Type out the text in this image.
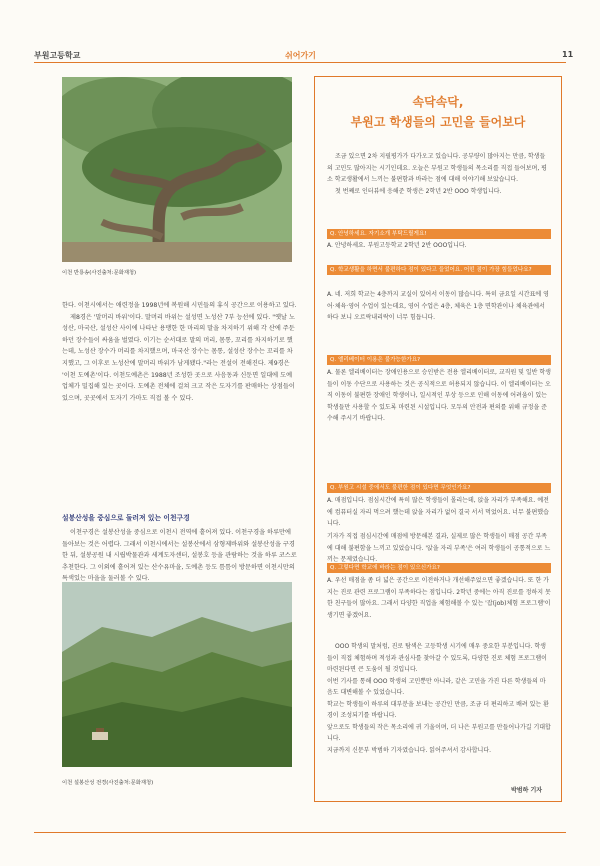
부원고등학교	쉬어가기	11
이천 반룡송(사진출처:문화재청)

한다. 이천시에서는 애련정을 1998년에 복원해 시민들의 휴식 공간으로 이용하고 있다.

제8경은 '말머리 바위'이다. 말머리 바위는 설성면 노성산 7부 능선에 있다. "옛날 노성산, 마국산, 설성산 사이에 나타난 용맹한 한 마리의 말을 차지하기 위해 각 산에 주둔하던 장수들이 싸움을 벌였다. 이기는 순서대로 말의 머리, 몸통, 꼬리를 차지하기로 했는데, 노성산 장수가 머리를 차지했으며, 마국산 장수는 몸통, 설성산 장수는 꼬리를 차지했고, 그 이후로 노성산에 말머리 바위가 남게됐다."라는 전설이 전해진다. 제9경은 '이천 도예촌'이다. 이천도예촌은 1988년 조성한 곳으로 사음동과 신둔면 일대에 도예업체가 밀집해 있는 곳이다. 도예촌 전체에 걸쳐 크고 작은 도자기를 판매하는 상점들이 있으며, 곳곳에서 도자기 가마도 직접 볼 수 있다.

설봉산성을 중심으로 둘러져 있는 이천구경

이천구경은 설봉산성을 중심으로 이천시 전역에 흩어져 있다. 이천구경을 하루만에 돌아보는 것은 어렵다. 그래서 이천시에서는 설봉산에서 삼형제바위와 설봉산성을 구경한 뒤, 설봉공원 내 시립박물관과 세계도자센터, 설봉호 등을 관람하는 것을 하루 코스로 추천한다. 그 이외에 흩어져 있는 산수유마을, 도예촌 등도 틈틈이 방문하면 이천시만의 특색있는 마을을 둘러볼 수 있다.

이천 설봉산성 전경(사진출처:문화재청)
속닥속닥,
부원고 학생들의 고민을 들어보다

조금 있으면 2차 지필평가가 다가오고 있습니다. 공부량이 많아지는 만큼, 학생들의 고민도 많아지는 시기인데요. 오늘은 부원고 학생들의 목소리를 직접 들어보며, 평소 학교생활에서 느끼는 불편함과 바라는 점에 대해 이야기해 보았습니다.

첫 번째로 인터뷰에 응해준 학생은 2학년 2반 OOO 학생입니다.

Q. 안녕하세요. 자기소개 부탁드릴게요!
A. 안녕하세요. 부원고등학교 2학년 2반 OOO입니다.
Q. 학교생활을 하면서 불편하다 점이 있다고 들었어요. 어떤 점이 가장 힘들었나요?
A. 네. 저희 학교는 4층까지 교실이 있어서 이동이 많습니다. 특히 금요일 시간표에 영어·체육·영어 수업이 있는데요, 영어 수업은 4층, 체육은 1층 면학관이나 체육관에서 하다 보니 오르락내리락이 너무 힘듭니다.
Q. 엘리베이터 이용은 불가능한가요?
A. 물론 엘리베이터는 장애인용으로 승인받은 전용 엘리베이터로, 교직원 및 일반 학생들이 이동 수단으로 사용하는 것은 공식적으로 허용되지 않습니다. 이 엘리베이터는 오직 이동이 불편한 장애인 학생이나, 일시적인 부상 등으로 인해 이동에 어려움이 있는 학생들만 사용할 수 있도록 마련된 시설입니다. 모두의 안전과 편의를 위해 규정을 준수해 주시기 바랍니다.
Q. 부원고 시설 중에서도 불편한 점이 있다면 무엇인가요?
A. 매점입니다. 점심시간에 특히 많은 학생들이 몰리는데, 앉을 자리가 부족해요. 예전에 컴퓨터실 자리 먹으려 했는데 앉을 자리가 없어 결국 서서 먹었어요. 너무 불편했습니다.
기자가 직접 점심시간에 매점에 방문해본 결과, 실제로 많은 학생들이 매점 공간 부족에 대해 불편함을 느끼고 있었습니다. '앉을 자리 부족'은 여러 학생들이 공통적으로 느끼는 문제였습니다.
Q. 그렇다면 학교에 바라는 점이 있으신가요?
A. 우선 매점을 좀 더 넓은 공간으로 이전하거나 개선해주었으면 좋겠습니다. 또 한 가지는 진로 관련 프로그램이 부족하다는 점입니다. 2학년 중에는 아직 진로를 정하지 못한 친구들이 많아요. 그래서 다양한 직업을 체험해볼 수 있는 '잡(job)체험 프로그램'이 생기면 좋겠어요.

OOO 학생의 말처럼, 진로 탐색은 고등학생 시기에 매우 중요한 부분입니다. 학생들이 직접 체험하며 적성과 관심사를 찾아갈 수 있도록, 다양한 진로 체험 프로그램이 마련된다면 큰 도움이 될 것입니다.

이번 기사를 통해 OOO 학생의 고민뿐만 아니라, 같은 고민을 가진 다른 학생들의 마음도 대변해볼 수 있었습니다.

학교는 학생들이 하루의 대부분을 보내는 공간인 만큼, 조금 더 편리하고 배려 있는 환경이 조성되기를 바랍니다.

앞으로도 학생들의 작은 목소리에 귀 기울이며, 더 나은 부원고를 만들어나가길 기대합니다.

지금까지 신문부 박범하 기자였습니다. 읽어주셔서 감사합니다.

박범하 기자
